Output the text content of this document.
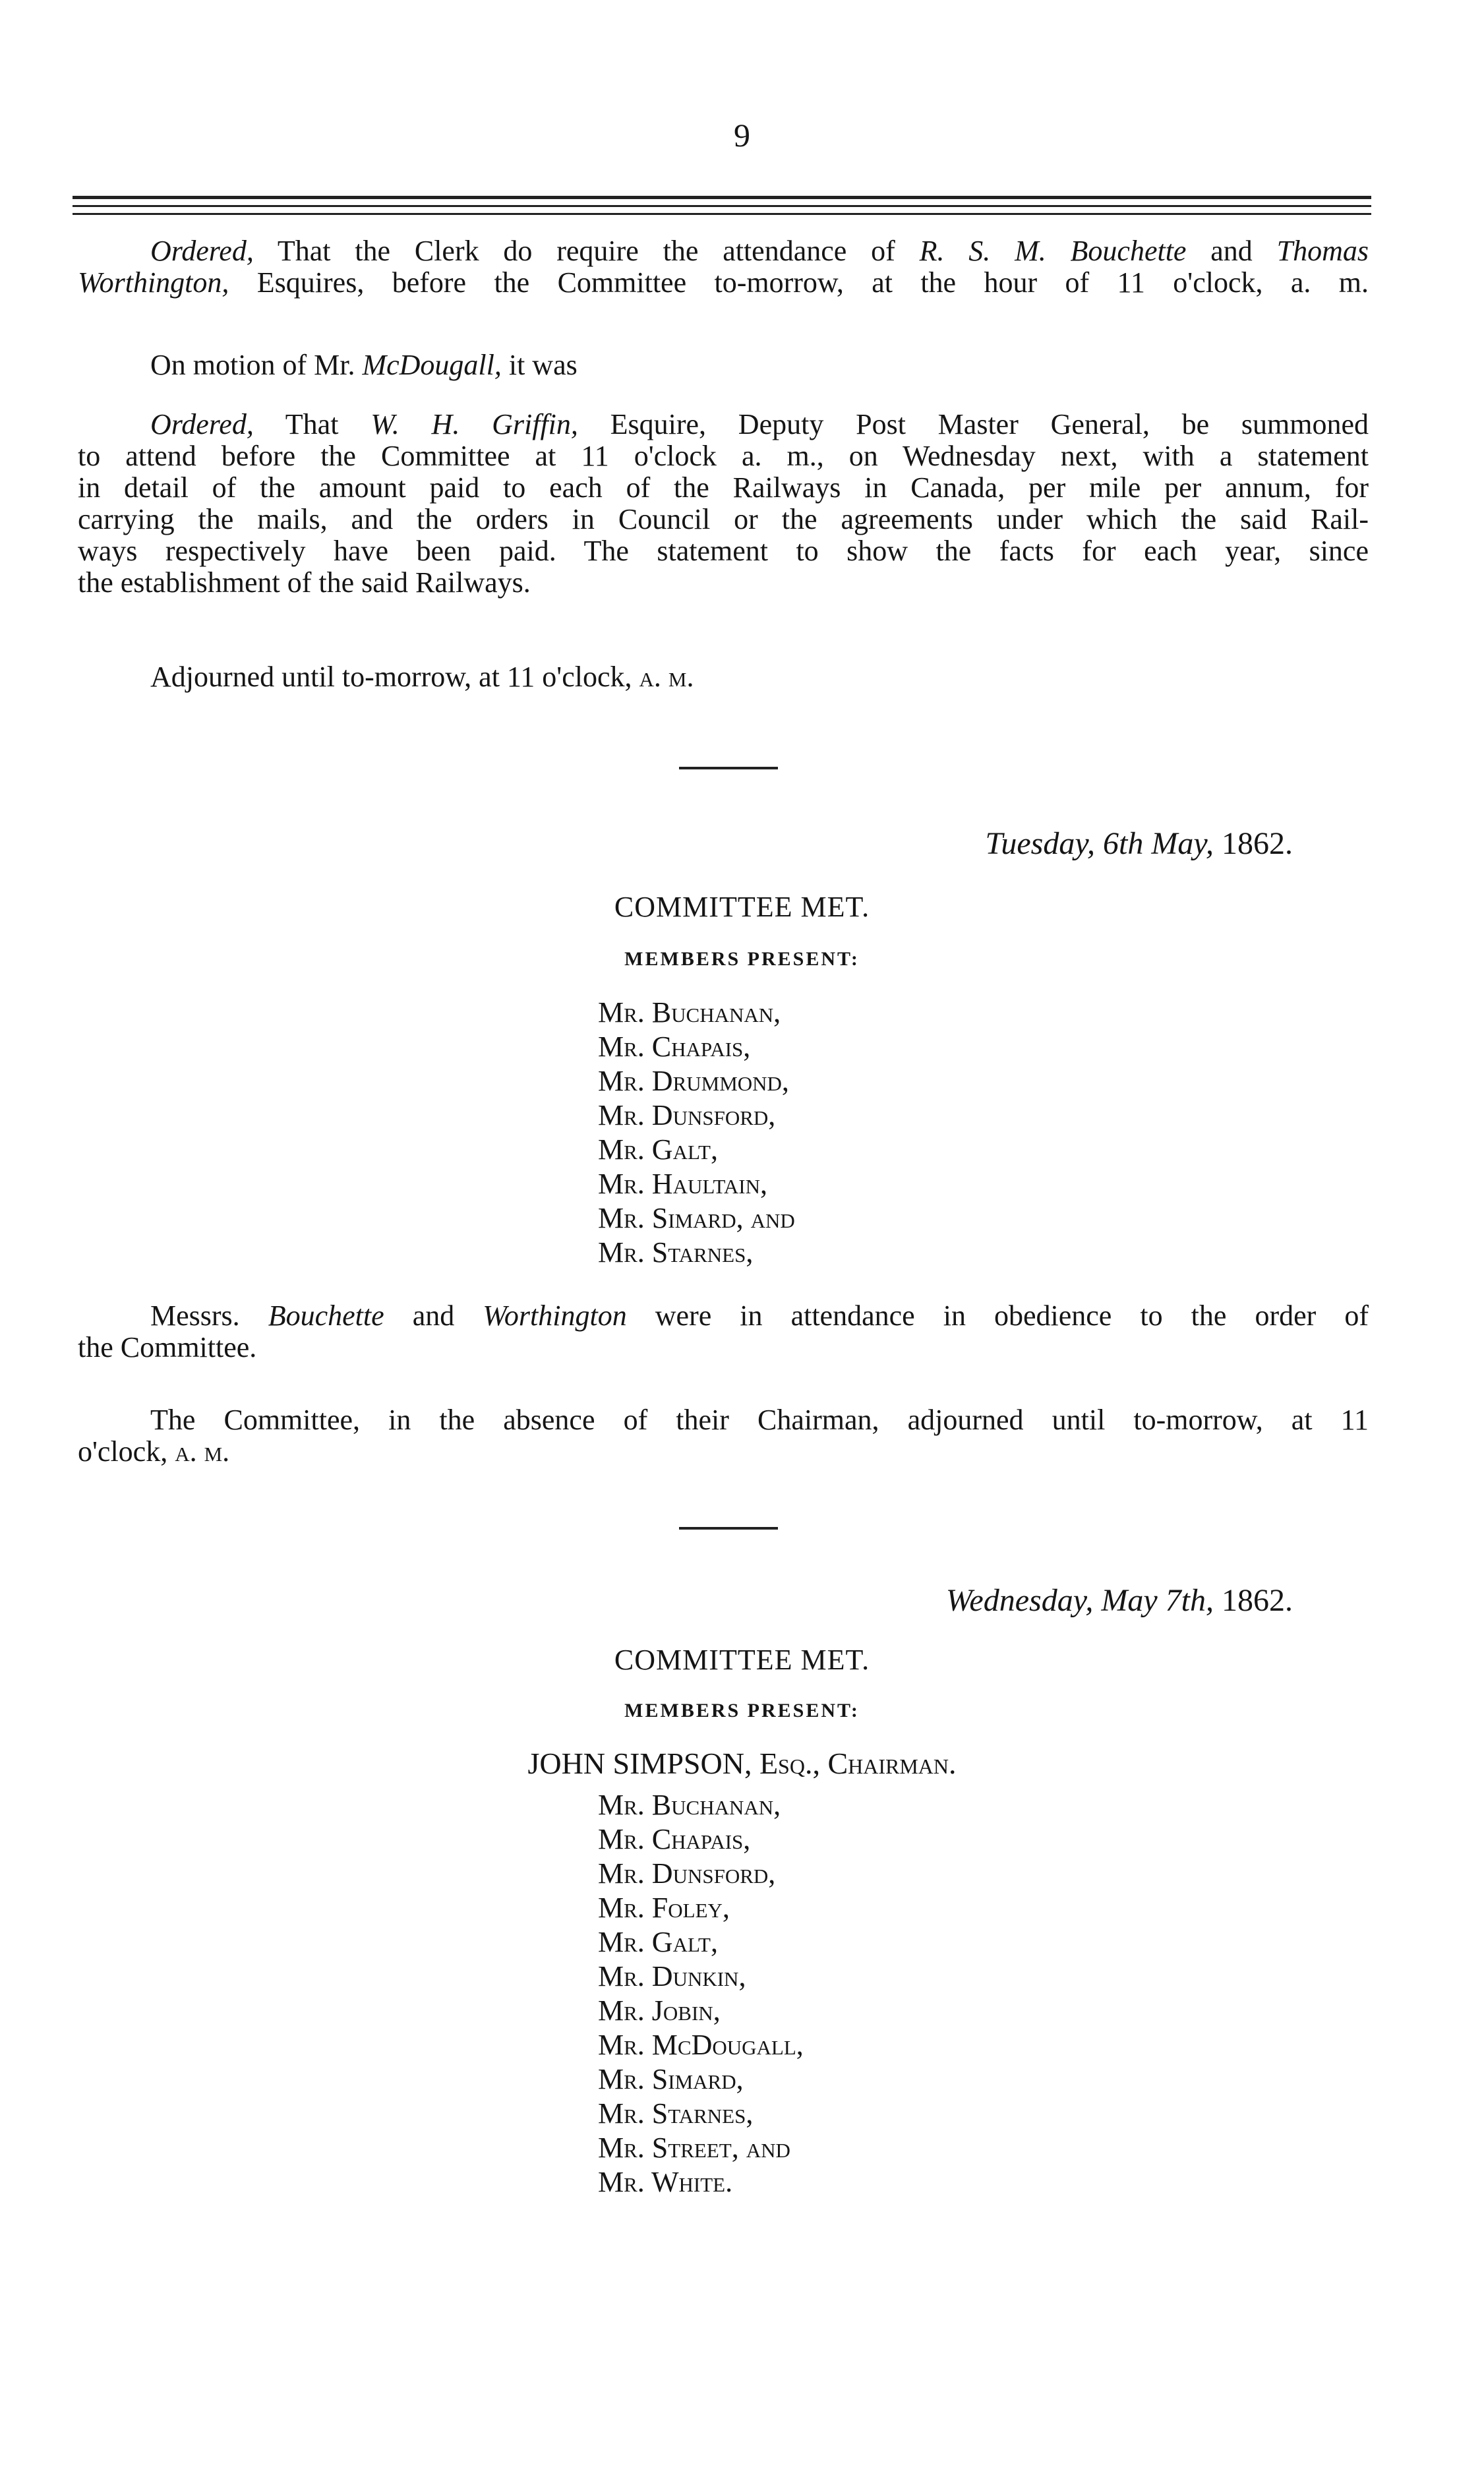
9
Ordered, That the Clerk do require the attendance of R. S. M. Bouchette and Thomas
Worthington, Esquires, before the Committee to-morrow, at the hour of 11 o'clock, a. m.
On motion of Mr. McDougall, it was
Ordered, That W. H. Griffin, Esquire, Deputy Post Master General, be summoned
to attend before the Committee at 11 o'clock a. m., on Wednesday next, with a statement
in detail of the amount paid to each of the Railways in Canada, per mile per annum, for
carrying the mails, and the orders in Council or the agreements under which the said Rail-
ways respectively have been paid. The statement to show the facts for each year, since
the establishment of the said Railways.
Adjourned until to-morrow, at 11 o'clock, a. m.
Tuesday, 6th May, 1862.
COMMITTEE MET.
MEMBERS PRESENT:
Mr. Buchanan,
Mr. Chapais,
Mr. Drummond,
Mr. Dunsford,
Mr. Galt,
Mr. Haultain,
Mr. Simard, and
Mr. Starnes,
Messrs. Bouchette and Worthington were in attendance in obedience to the order of
the Committee.
The Committee, in the absence of their Chairman, adjourned until to-morrow, at 11
o'clock, a. m.
Wednesday, May 7th, 1862.
COMMITTEE MET.
MEMBERS PRESENT:
JOHN SIMPSON, Esq., Chairman.
Mr. Buchanan,
Mr. Chapais,
Mr. Dunsford,
Mr. Foley,
Mr. Galt,
Mr. Dunkin,
Mr. Jobin,
Mr. McDougall,
Mr. Simard,
Mr. Starnes,
Mr. Street, and
Mr. White.
